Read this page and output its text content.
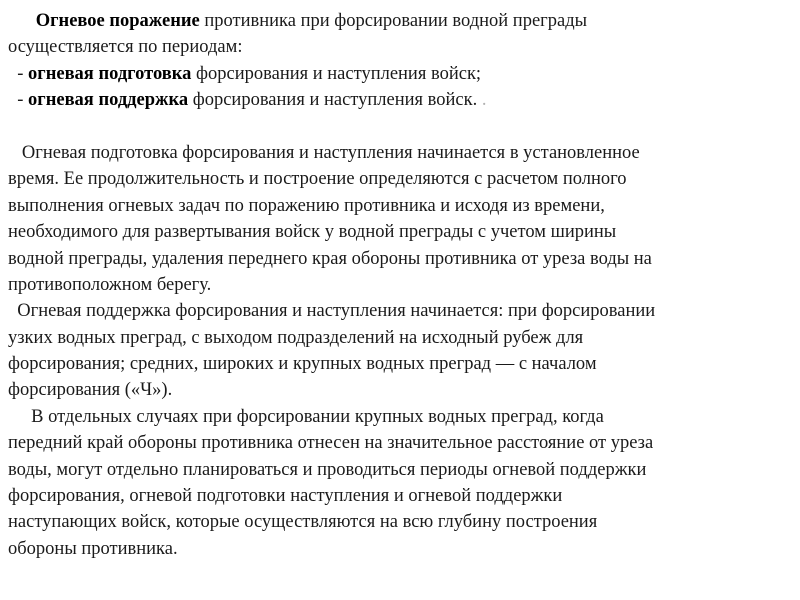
Огневое поражение противника при форсировании водной преграды
осуществляется по периодам:
- огневая подготовка форсирования и наступления войск;
- огневая поддержка форсирования и наступления войск. .
Огневая подготовка форсирования и наступления начинается в установленное
время. Ее продолжительность и построение определяются с расчетом полного
выполнения огневых задач по поражению противника и исходя из времени,
необходимого для развертывания войск у водной преграды с учетом ширины
водной преграды, удаления переднего края обороны противника от уреза воды на
противоположном берегу.
Огневая поддержка форсирования и наступления начинается: при форсировании
узких водных преград, с выходом подразделений на исходный рубеж для
форсирования; средних, широких и крупных водных преград — с началом
форсирования («Ч»).
В отдельных случаях при форсировании крупных водных преград, когда
передний край обороны противника отнесен на значительное расстояние от уреза
воды, могут отдельно планироваться и проводиться периоды огневой поддержки
форсирования, огневой подготовки наступления и огневой поддержки
наступающих войск, которые осуществляются на всю глубину построения
обороны противника.
